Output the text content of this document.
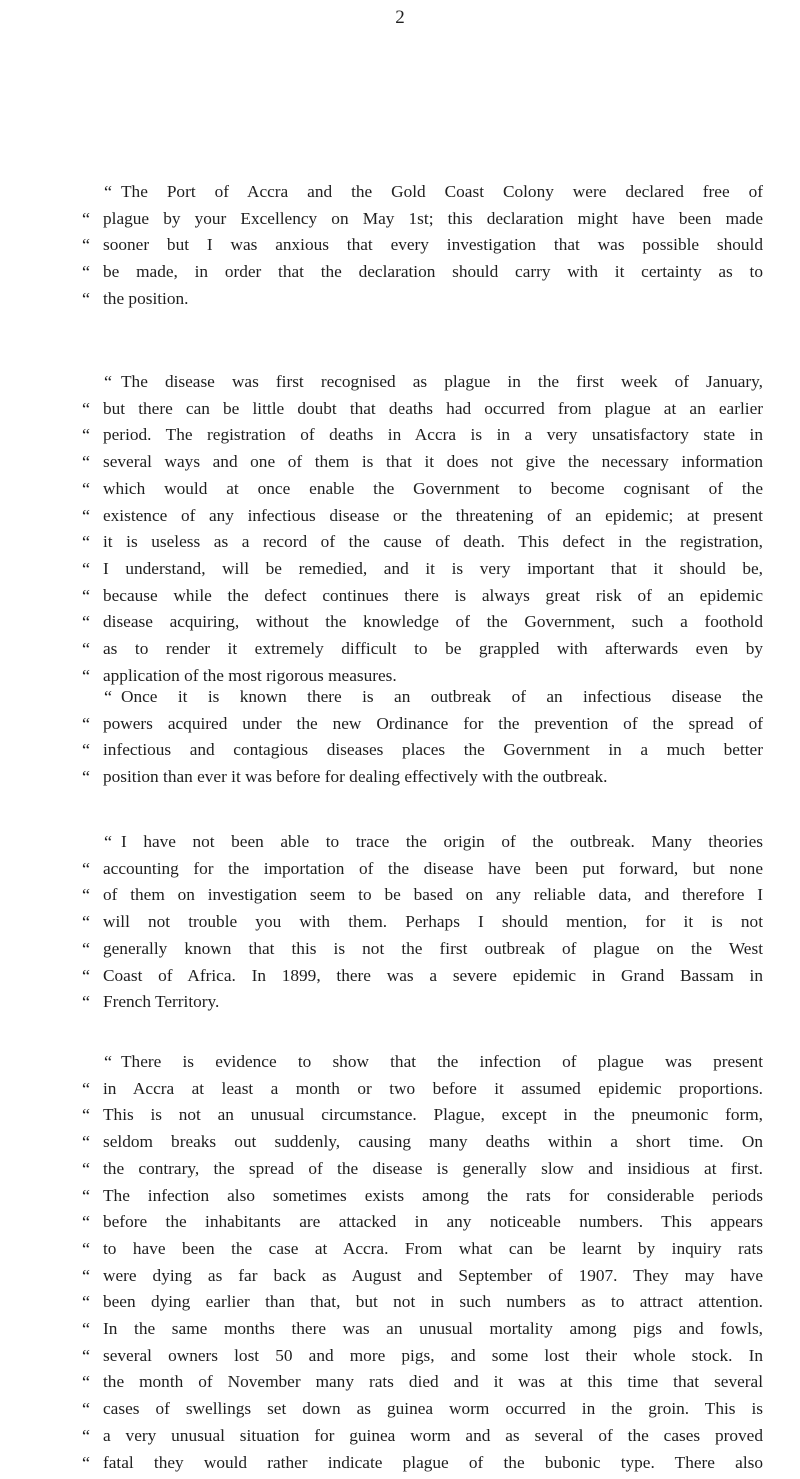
2
“ The Port of Accra and the Gold Coast Colony were declared free of
“ plague by your Excellency on May 1st; this declaration might have been made
“ sooner but I was anxious that every investigation that was possible should
“ be made, in order that the declaration should carry with it certainty as to
“ the position.
“ The disease was first recognised as plague in the first week of January,
“ but there can be little doubt that deaths had occurred from plague at an earlier
“ period. The registration of deaths in Accra is in a very unsatisfactory state in
“ several ways and one of them is that it does not give the necessary information
“ which would at once enable the Government to become cognisant of the
“ existence of any infectious disease or the threatening of an epidemic; at present
“ it is useless as a record of the cause of death. This defect in the registration,
“ I understand, will be remedied, and it is very important that it should be,
“ because while the defect continues there is always great risk of an epidemic
“ disease acquiring, without the knowledge of the Government, such a foothold
“ as to render it extremely difficult to be grappled with afterwards even by
“ application of the most rigorous measures.
“ Once it is known there is an outbreak of an infectious disease the
“ powers acquired under the new Ordinance for the prevention of the spread of
“ infectious and contagious diseases places the Government in a much better
“ position than ever it was before for dealing effectively with the outbreak.
“ I have not been able to trace the origin of the outbreak. Many theories
“ accounting for the importation of the disease have been put forward, but none
“ of them on investigation seem to be based on any reliable data, and therefore I
“ will not trouble you with them. Perhaps I should mention, for it is not
“ generally known that this is not the first outbreak of plague on the West
“ Coast of Africa. In 1899, there was a severe epidemic in Grand Bassam in
“ French Territory.
“ There is evidence to show that the infection of plague was present
“ in Accra at least a month or two before it assumed epidemic proportions.
“ This is not an unusual circumstance. Plague, except in the pneumonic form,
“ seldom breaks out suddenly, causing many deaths within a short time. On
“ the contrary, the spread of the disease is generally slow and insidious at first.
“ The infection also sometimes exists among the rats for considerable periods
“ before the inhabitants are attacked in any noticeable numbers. This appears
“ to have been the case at Accra. From what can be learnt by inquiry rats
“ were dying as far back as August and September of 1907. They may have
“ been dying earlier than that, but not in such numbers as to attract attention.
“ In the same months there was an unusual mortality among pigs and fowls,
“ several owners lost 50 and more pigs, and some lost their whole stock. In
“ the month of November many rats died and it was at this time that several
“ cases of swellings set down as guinea worm occurred in the groin. This is
“ a very unusual situation for guinea worm and as several of the cases proved
“ fatal they would rather indicate plague of the bubonic type. There also
